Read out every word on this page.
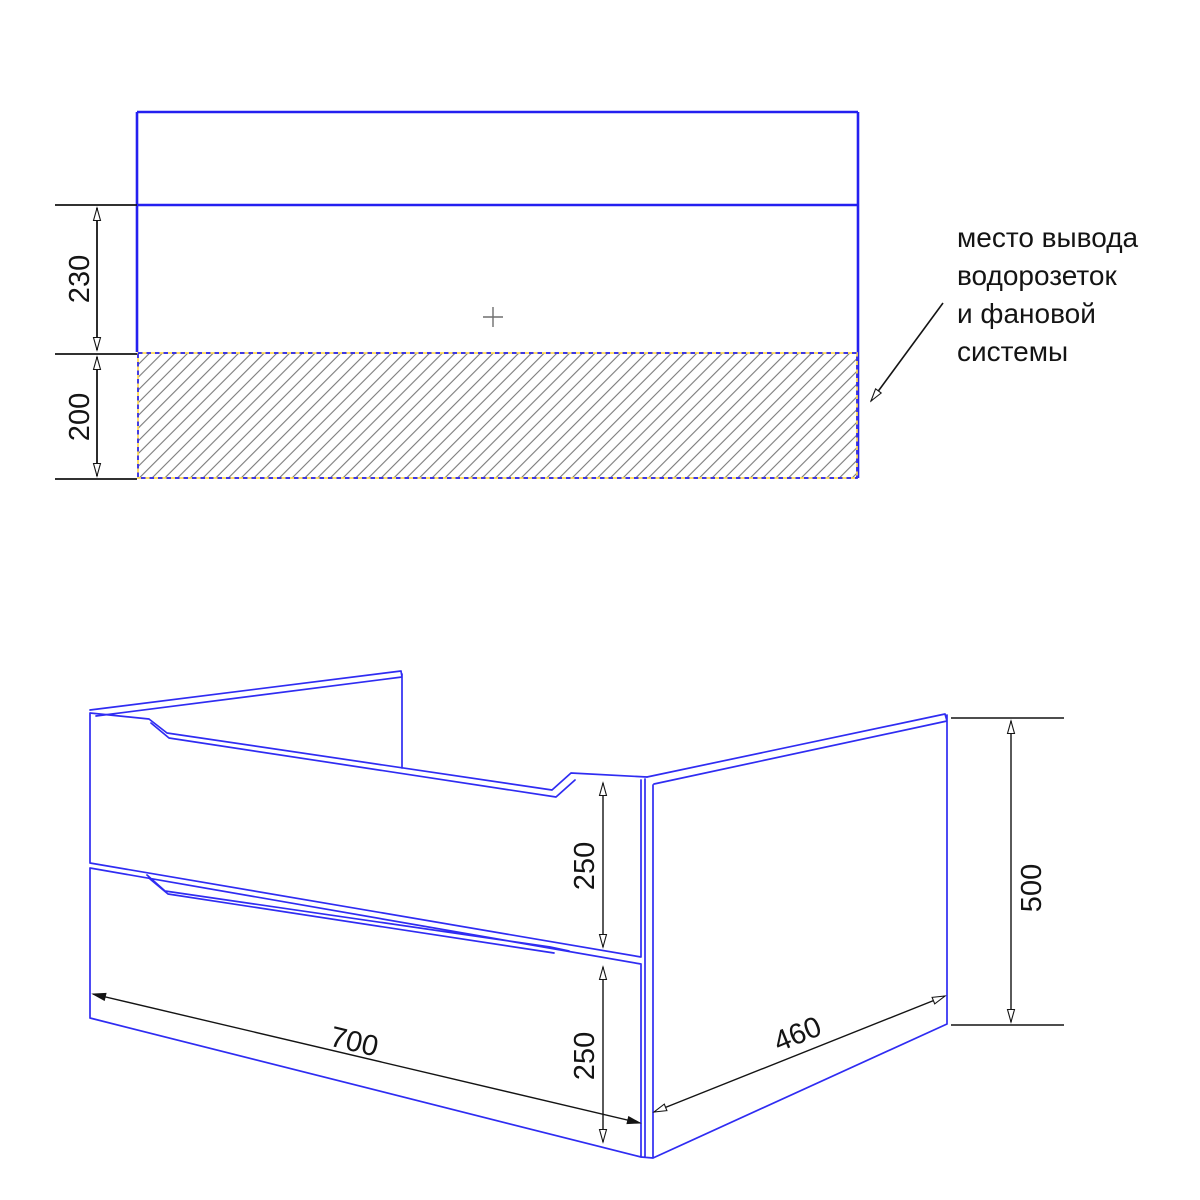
230
200
место вывода
водорозеток
и фановой
системы
250
250
700	460
500
